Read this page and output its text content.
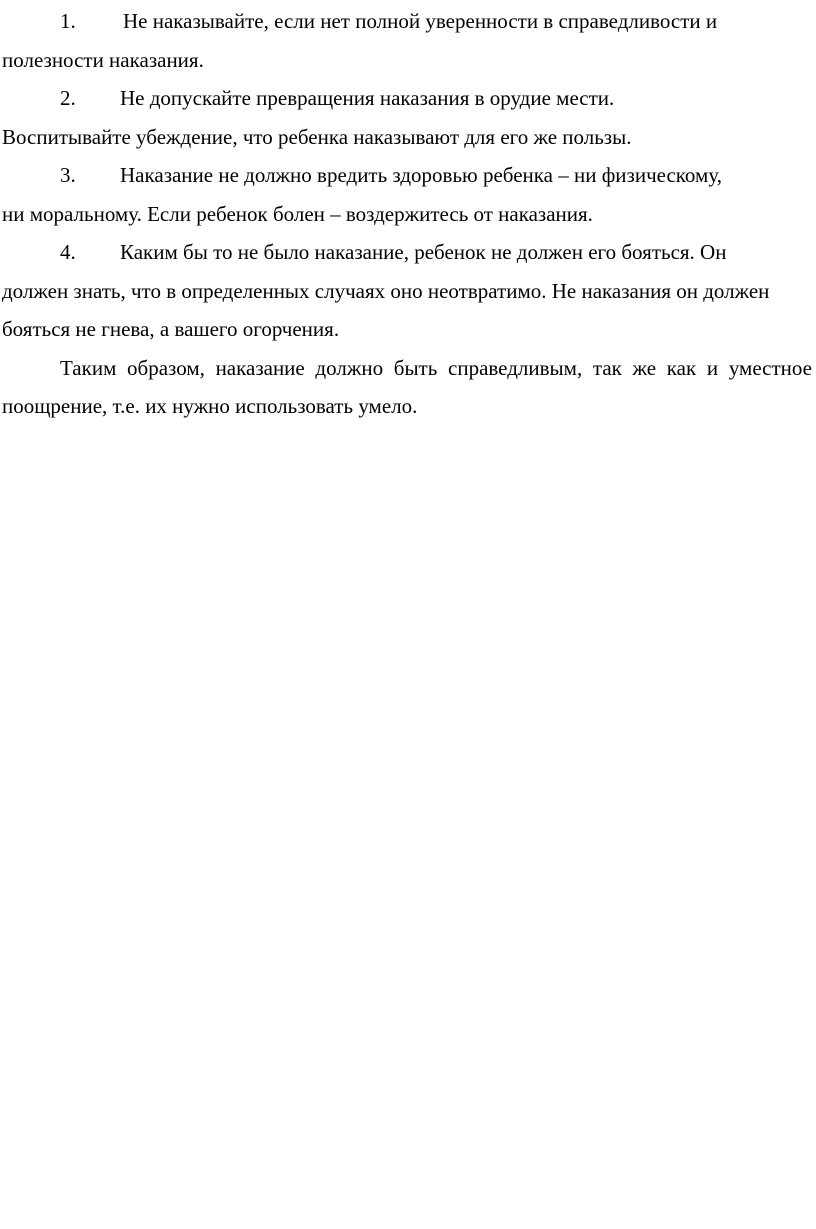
1. Не наказывайте, если нет полной уверенности в справедливости и
полезности наказания.
2. Не допускайте превращения наказания в орудие мести.
Воспитывайте убеждение, что ребенка наказывают для его же пользы.
3. Наказание не должно вредить здоровью ребенка – ни физическому,
ни моральному. Если ребенок болен – воздержитесь от наказания.
4. Каким бы то не было наказание, ребенок не должен его бояться. Он
должен знать, что в определенных случаях оно неотвратимо. Не наказания он должен бояться не гнева, а вашего огорчения.

Таким образом, наказание должно быть справедливым, так же как и уместное поощрение, т.е. их нужно использовать умело.
